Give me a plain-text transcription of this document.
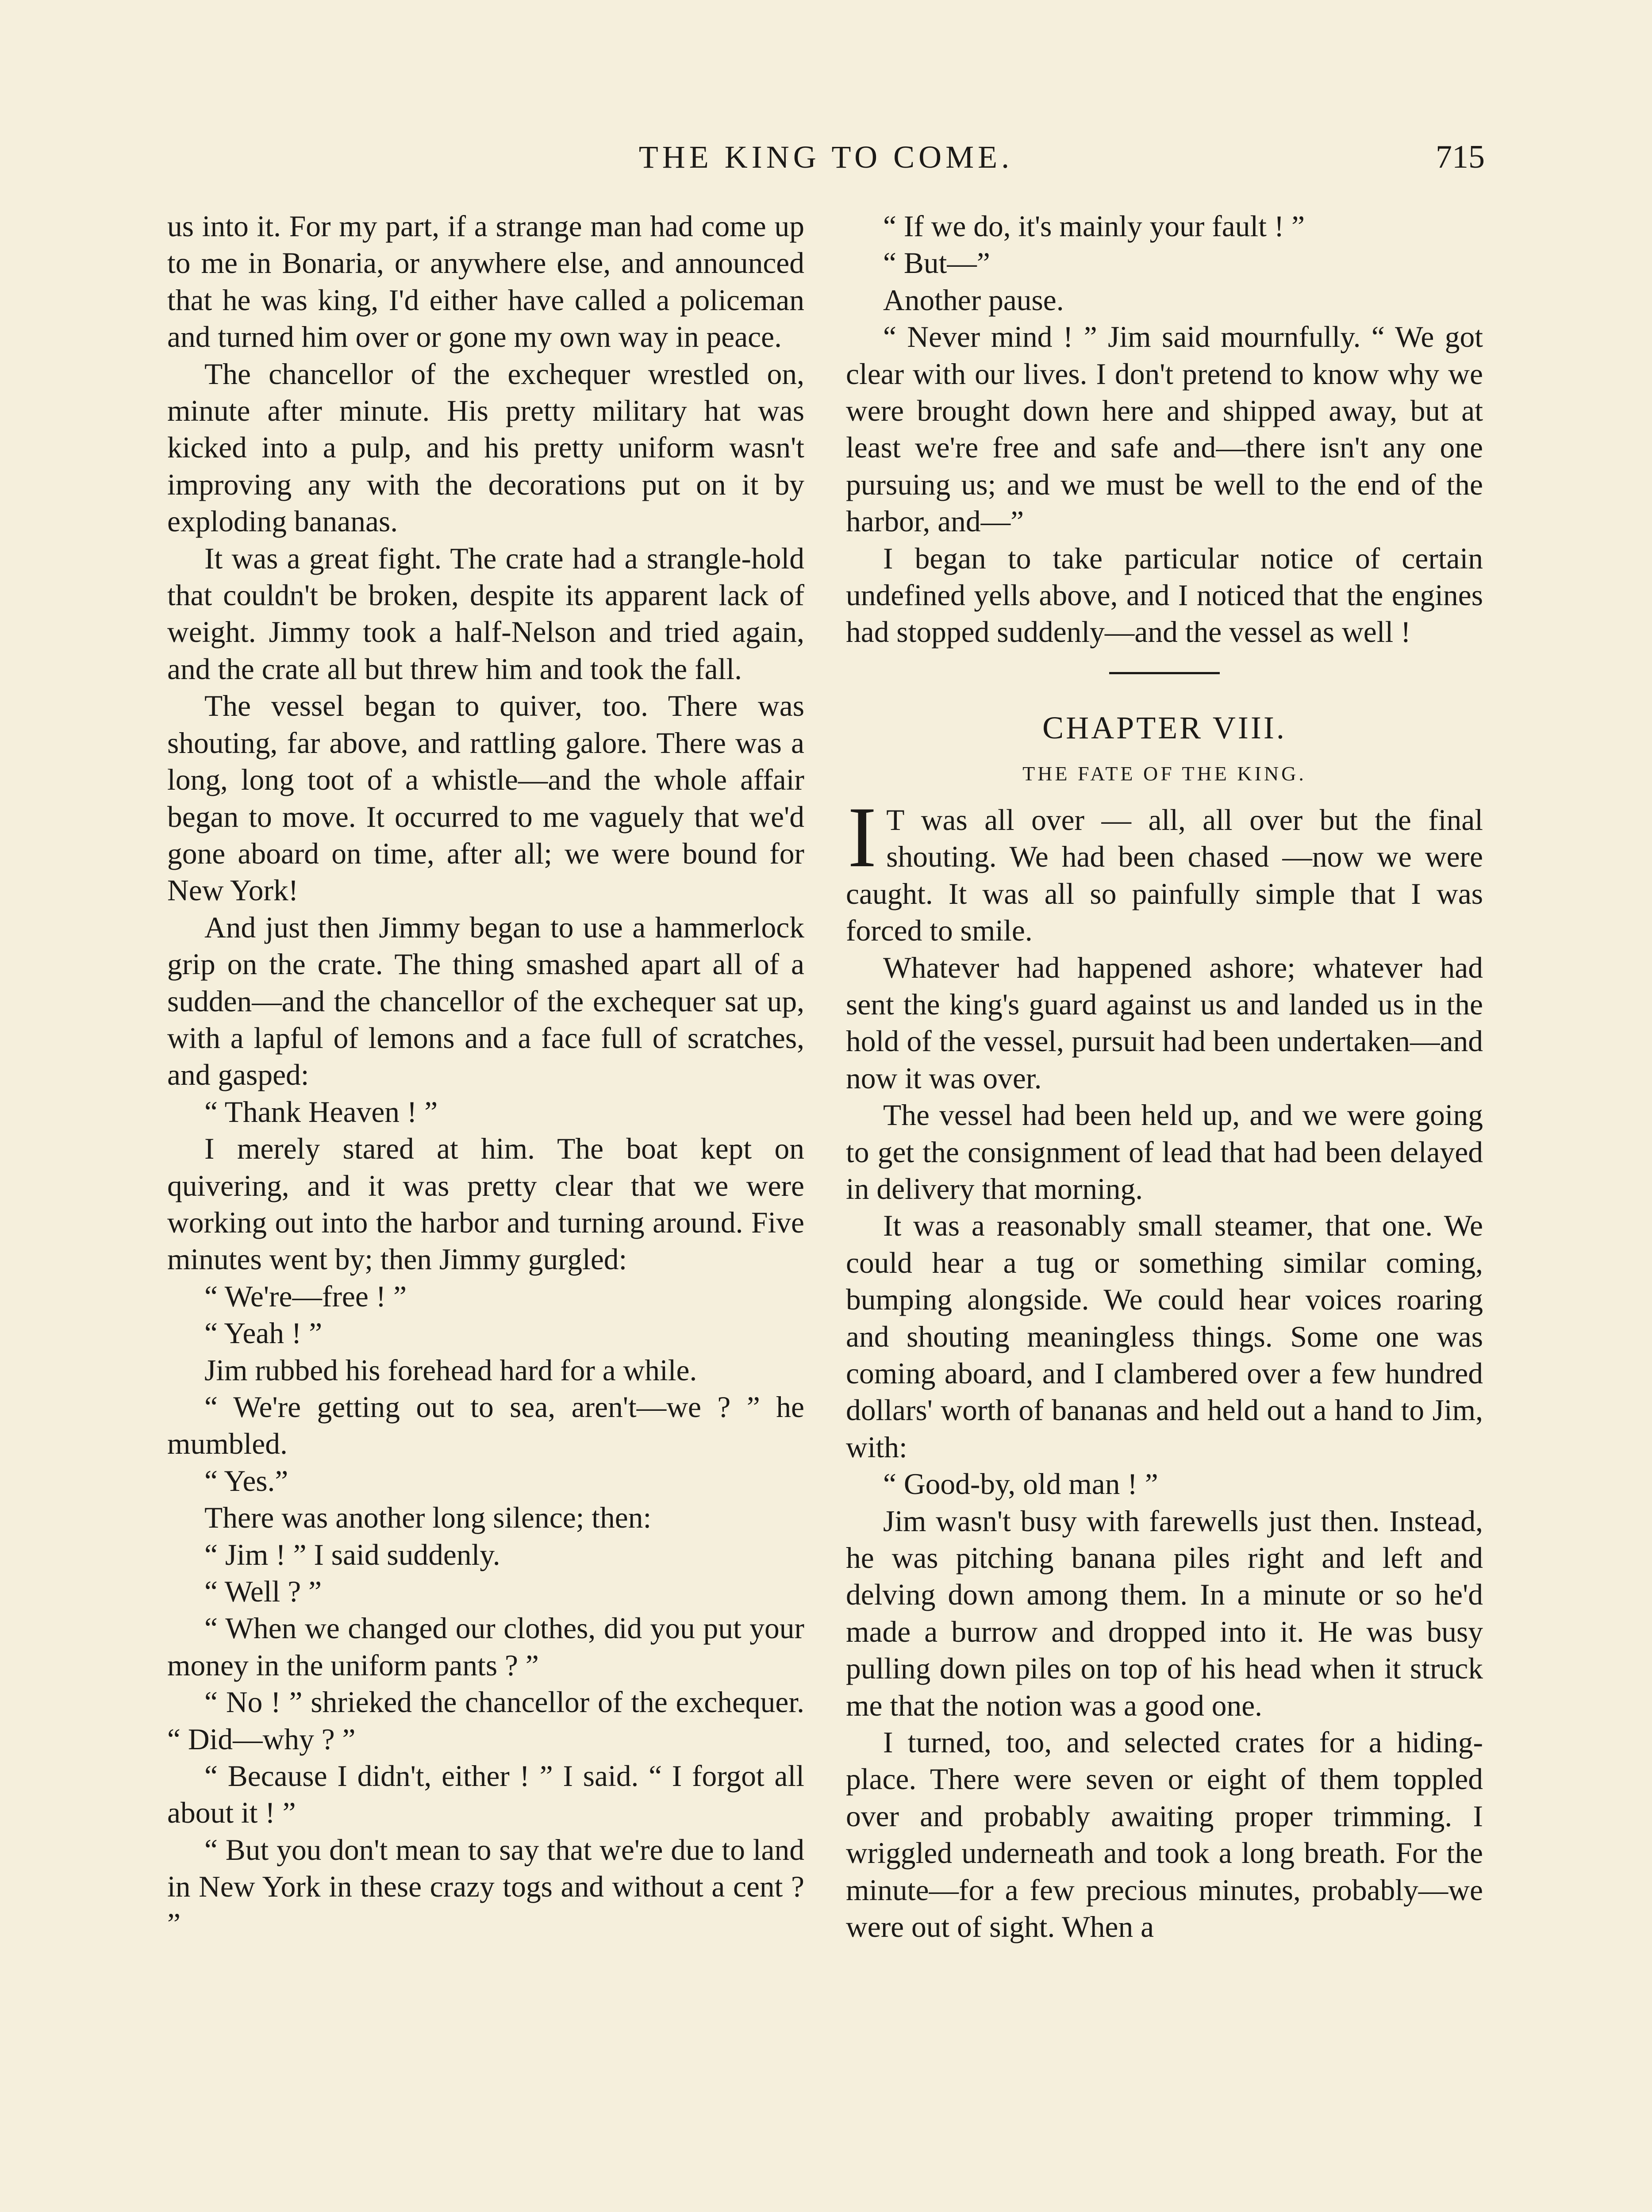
THE KING TO COME.	715

us into it. For my part, if a strange man had come up to me in Bonaria, or anywhere else, and announced that he was king, I'd either have called a policeman and turned him over or gone my own way in peace.

The chancellor of the exchequer wrestled on, minute after minute. His pretty military hat was kicked into a pulp, and his pretty uniform wasn't improving any with the decorations put on it by exploding bananas.

It was a great fight. The crate had a strangle-hold that couldn't be broken, despite its apparent lack of weight. Jimmy took a half-Nelson and tried again, and the crate all but threw him and took the fall.

The vessel began to quiver, too. There was shouting, far above, and rattling galore. There was a long, long toot of a whistle—and the whole affair began to move. It occurred to me vaguely that we'd gone aboard on time, after all; we were bound for New York!

And just then Jimmy began to use a hammerlock grip on the crate. The thing smashed apart all of a sudden—and the chancellor of the exchequer sat up, with a lapful of lemons and a face full of scratches, and gasped:

“ Thank Heaven ! ”

I merely stared at him. The boat kept on quivering, and it was pretty clear that we were working out into the harbor and turning around. Five minutes went by; then Jimmy gurgled:

“ We're—free ! ”

“ Yeah ! ”

Jim rubbed his forehead hard for a while.

“ We're getting out to sea, aren't—we ? ” he mumbled.

“ Yes.”

There was another long silence; then:

“ Jim ! ” I said suddenly.

“ Well ? ”

“ When we changed our clothes, did you put your money in the uniform pants ? ”

“ No ! ” shrieked the chancellor of the exchequer. “ Did—why ? ”

“ Because I didn't, either ! ” I said. “ I forgot all about it ! ”

“ But you don't mean to say that we're due to land in New York in these crazy togs and without a cent ? ”

“ If we do, it's mainly your fault ! ”

“ But—”

Another pause.

“ Never mind ! ” Jim said mournfully. “ We got clear with our lives. I don't pretend to know why we were brought down here and shipped away, but at least we're free and safe and—there isn't any one pursuing us; and we must be well to the end of the harbor, and—”

I began to take particular notice of certain undefined yells above, and I noticed that the engines had stopped suddenly—and the vessel as well !

CHAPTER VIII.
THE FATE OF THE KING.

I T was all over — all, all over but the final shouting. We had been chased —now we were caught. It was all so painfully simple that I was forced to smile.

Whatever had happened ashore; whatever had sent the king's guard against us and landed us in the hold of the vessel, pursuit had been undertaken—and now it was over.

The vessel had been held up, and we were going to get the consignment of lead that had been delayed in delivery that morning.

It was a reasonably small steamer, that one. We could hear a tug or something similar coming, bumping alongside. We could hear voices roaring and shouting meaningless things. Some one was coming aboard, and I clambered over a few hundred dollars' worth of bananas and held out a hand to Jim, with:

“ Good-by, old man ! ”

Jim wasn't busy with farewells just then. Instead, he was pitching banana piles right and left and delving down among them. In a minute or so he'd made a burrow and dropped into it. He was busy pulling down piles on top of his head when it struck me that the notion was a good one.

I turned, too, and selected crates for a hiding-place. There were seven or eight of them toppled over and probably awaiting proper trimming. I wriggled underneath and took a long breath. For the minute—for a few precious minutes, probably—we were out of sight. When a
